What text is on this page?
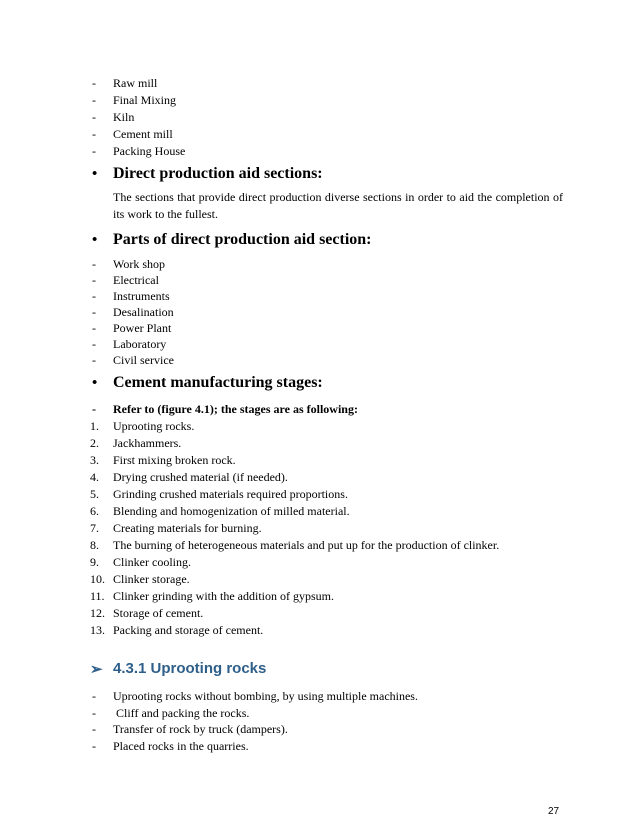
- Raw mill
- Final Mixing
- Kiln
- Cement mill
- Packing House
• Direct production aid sections:
The sections that provide direct production diverse sections in order to aid the completion of its work to the fullest.
• Parts of direct production aid section:
- Work shop
- Electrical
- Instruments
- Desalination
- Power Plant
- Laboratory
- Civil service
• Cement manufacturing stages:
- Refer to (figure 4.1); the stages are as following:
1. Uprooting rocks.
2. Jackhammers.
3. First mixing broken rock.
4. Drying crushed material (if needed).
5. Grinding crushed materials required proportions.
6. Blending and homogenization of milled material.
7. Creating materials for burning.
8. The burning of heterogeneous materials and put up for the production of clinker.
9. Clinker cooling.
10. Clinker storage.
11. Clinker grinding with the addition of gypsum.
12. Storage of cement.
13. Packing and storage of cement.
➢ 4.3.1 Uprooting rocks
- Uprooting rocks without bombing, by using multiple machines.
- Cliff and packing the rocks.
- Transfer of rock by truck (dampers).
- Placed rocks in the quarries.
27
